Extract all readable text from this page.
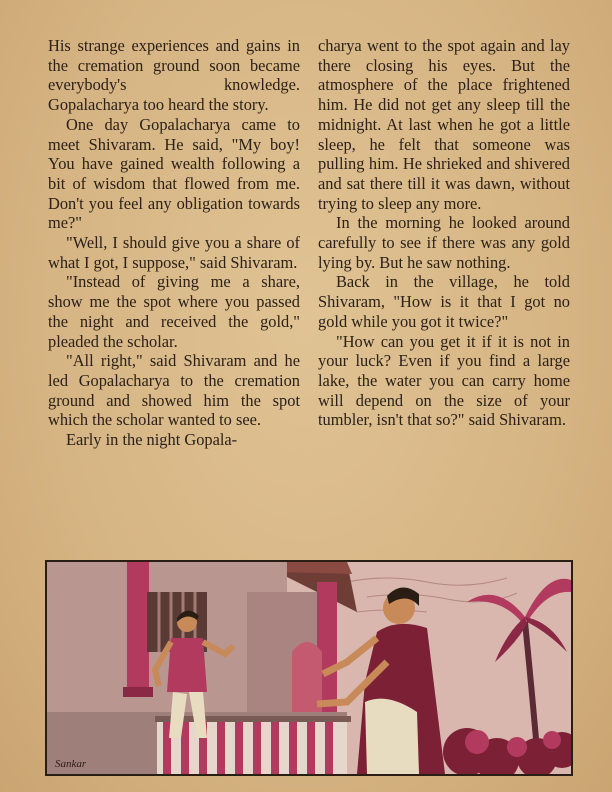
His strange experiences and gains in the cremation ground soon became everybody's knowledge. Gopalacharya too heard the story.

One day Gopalacharya came to meet Shivaram. He said, "My boy! You have gained wealth following a bit of wisdom that flowed from me. Don't you feel any obligation towards me?"

"Well, I should give you a share of what I got, I suppose," said Shivaram.

"Instead of giving me a share, show me the spot where you passed the night and received the gold," pleaded the scholar.

"All right," said Shivaram and he led Gopalacharya to the cremation ground and showed him the spot which the scholar wanted to see.

Early in the night Gopala-

charya went to the spot again and lay there closing his eyes. But the atmosphere of the place frightened him. He did not get any sleep till the midnight. At last when he got a little sleep, he felt that someone was pulling him. He shrieked and shivered and sat there till it was dawn, without trying to sleep any more.

In the morning he looked around carefully to see if there was any gold lying by. But he saw nothing.

Back in the village, he told Shivaram, "How is it that I got no gold while you got it twice?"

"How can you get it if it is not in your luck? Even if you find a large lake, the water you can carry home will depend on the size of your tumbler, isn't that so?" said Shivaram.

Sankar
